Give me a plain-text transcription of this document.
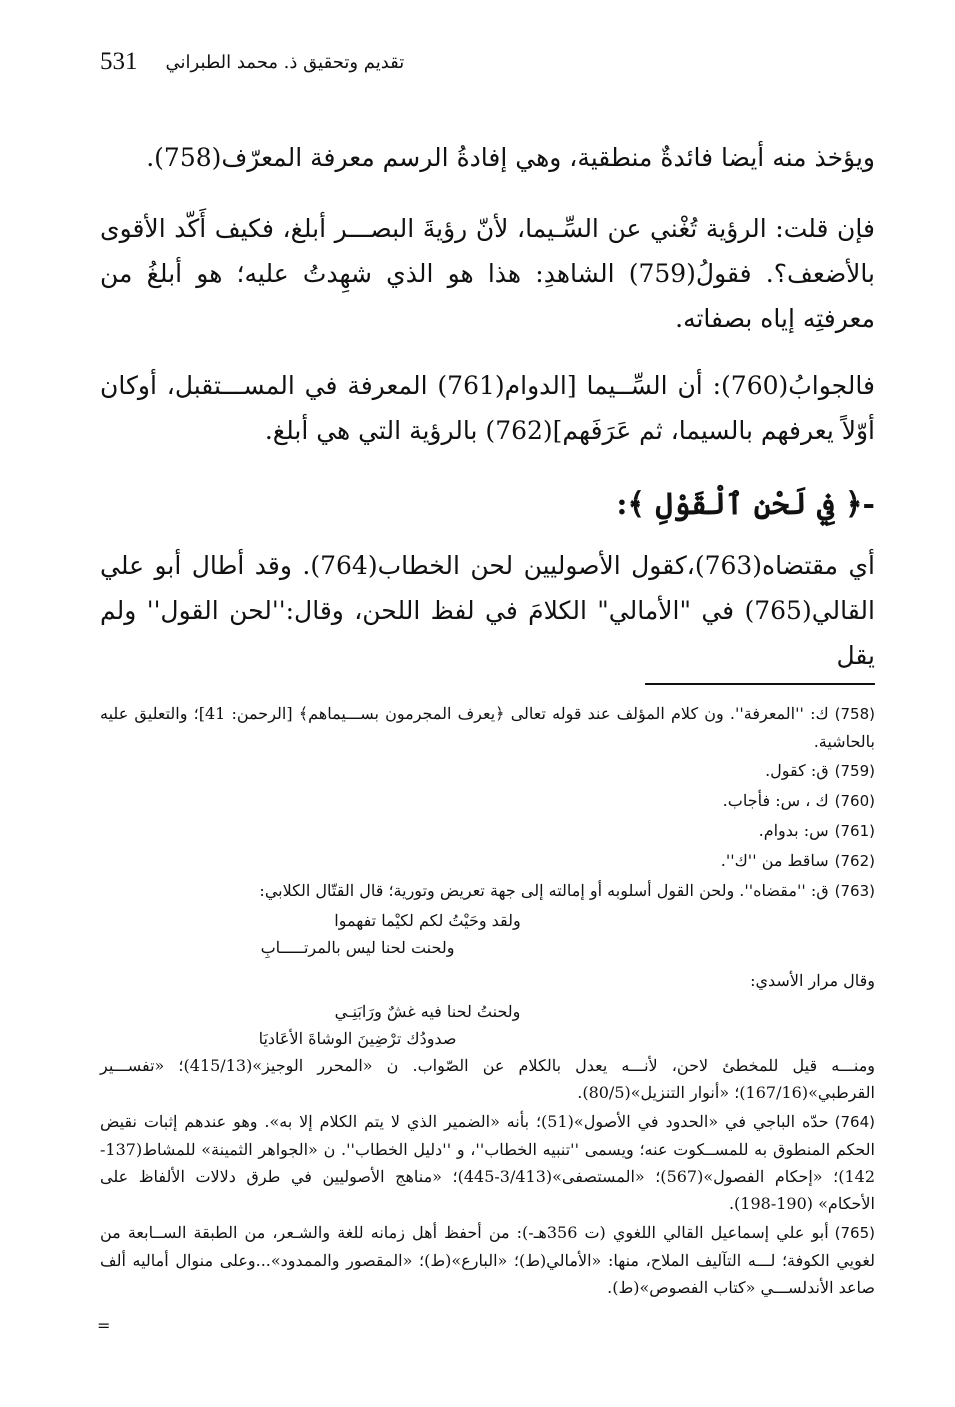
531 تقديم وتحقيق ذ. محمد الطبراني

ويؤخذ منه أيضا فائدةٌ منطقية، وهي إفادةُ الرسم معرفة المعرّف(758).

فإن قلت: الرؤية تُغْني عن السِّـيما، لأنّ رؤيةَ البصـــر أبلغ، فكيف أَكّد الأقوى بالأضعف؟. فقولُ(759) الشاهدِ: هذا هو الذي شهِدتُ عليه؛ هو أبلغُ من معرفتِه إياه بصفاته.

فالجوابُ(760): أن السِّــيما [الدوام(761) المعرفة في المســـتقبل، أوكان أوّلاً يعرفهم بالسيما، ثم عَرَفَهم](762) بالرؤية التي هي أبلغ.

-﴿ فِي لَحْنِ ٱلْقَوْلِ ﴾:

أي مقتضاه(763)،كقول الأصوليين لحن الخطاب(764). وقد أطال أبو علي القالي(765) في "الأمالي" الكلامَ في لفظ اللحن، وقال:''لحن القول'' ولم يقل

(758)ك: ''المعرفة''. ون كلام المؤلف عند قوله تعالى ﴿يعرف المجرمون بســـيماهم﴾ [الرحمن: 41]؛ والتعليق عليه بالحاشية.

(759)ق: كقول.

(760)ك ، س: فأجاب.

(761)س: بدوام.

(762)ساقط من ''ك''.

(763)ق: ''مقضاه''. ولحن القول أسلوبه أو إمالته إلى جهة تعريض وتورية؛ قال القتّال الكلابي:

ولقد وحَيْتُ لكم لكيْما تفهموا

ولحنت لحنا ليس بالمرتـــــابِ

وقال مرار الأسدي:

ولحنتُ لحنا فيه غشٌ ورَابَنِـي

صدودُك ترْضِينَ الوشاةَ الأعَاديَا

ومنـــه قيل للمخطئ لاحن، لأنـــه يعدل بالكلام عن الصّواب. ن «المحرر الوجيز»(415/13)؛ «تفســـير القرطبي»(167/16)؛ «أنوار التنزيل»(80/5).

(764)حدّه الباجي في «الحدود في الأصول»(51)؛ بأنه «الضمير الذي لا يتم الكلام إلا به». وهو عندهم إثبات نقيض الحكم المنطوق به للمســكوت عنه؛ ويسمى ''تنبيه الخطاب''، و ''دليل الخطاب''. ن «الجواهر الثمينة» للمشاط(137-142)؛ «إحكام الفصول»(567)؛ «المستصفى»(3/413-445)؛ «مناهج الأصوليين في طرق دلالات الألفاظ على الأحكام» (190-198).

(765)أبو علي إسماعيل القالي اللغوي (ت 356هـ-): من أحفظ أهل زمانه للغة والشـعر، من الطبقة الســابعة من لغويي الكوفة؛ لـــه التآليف الملاح، منها: «الأمالي(ط)؛ «البارع»(ط)؛ «المقصور والممدود»...وعلى منوال أماليه ألف صاعد الأندلســـي «كتاب الفصوص»(ط).

=
